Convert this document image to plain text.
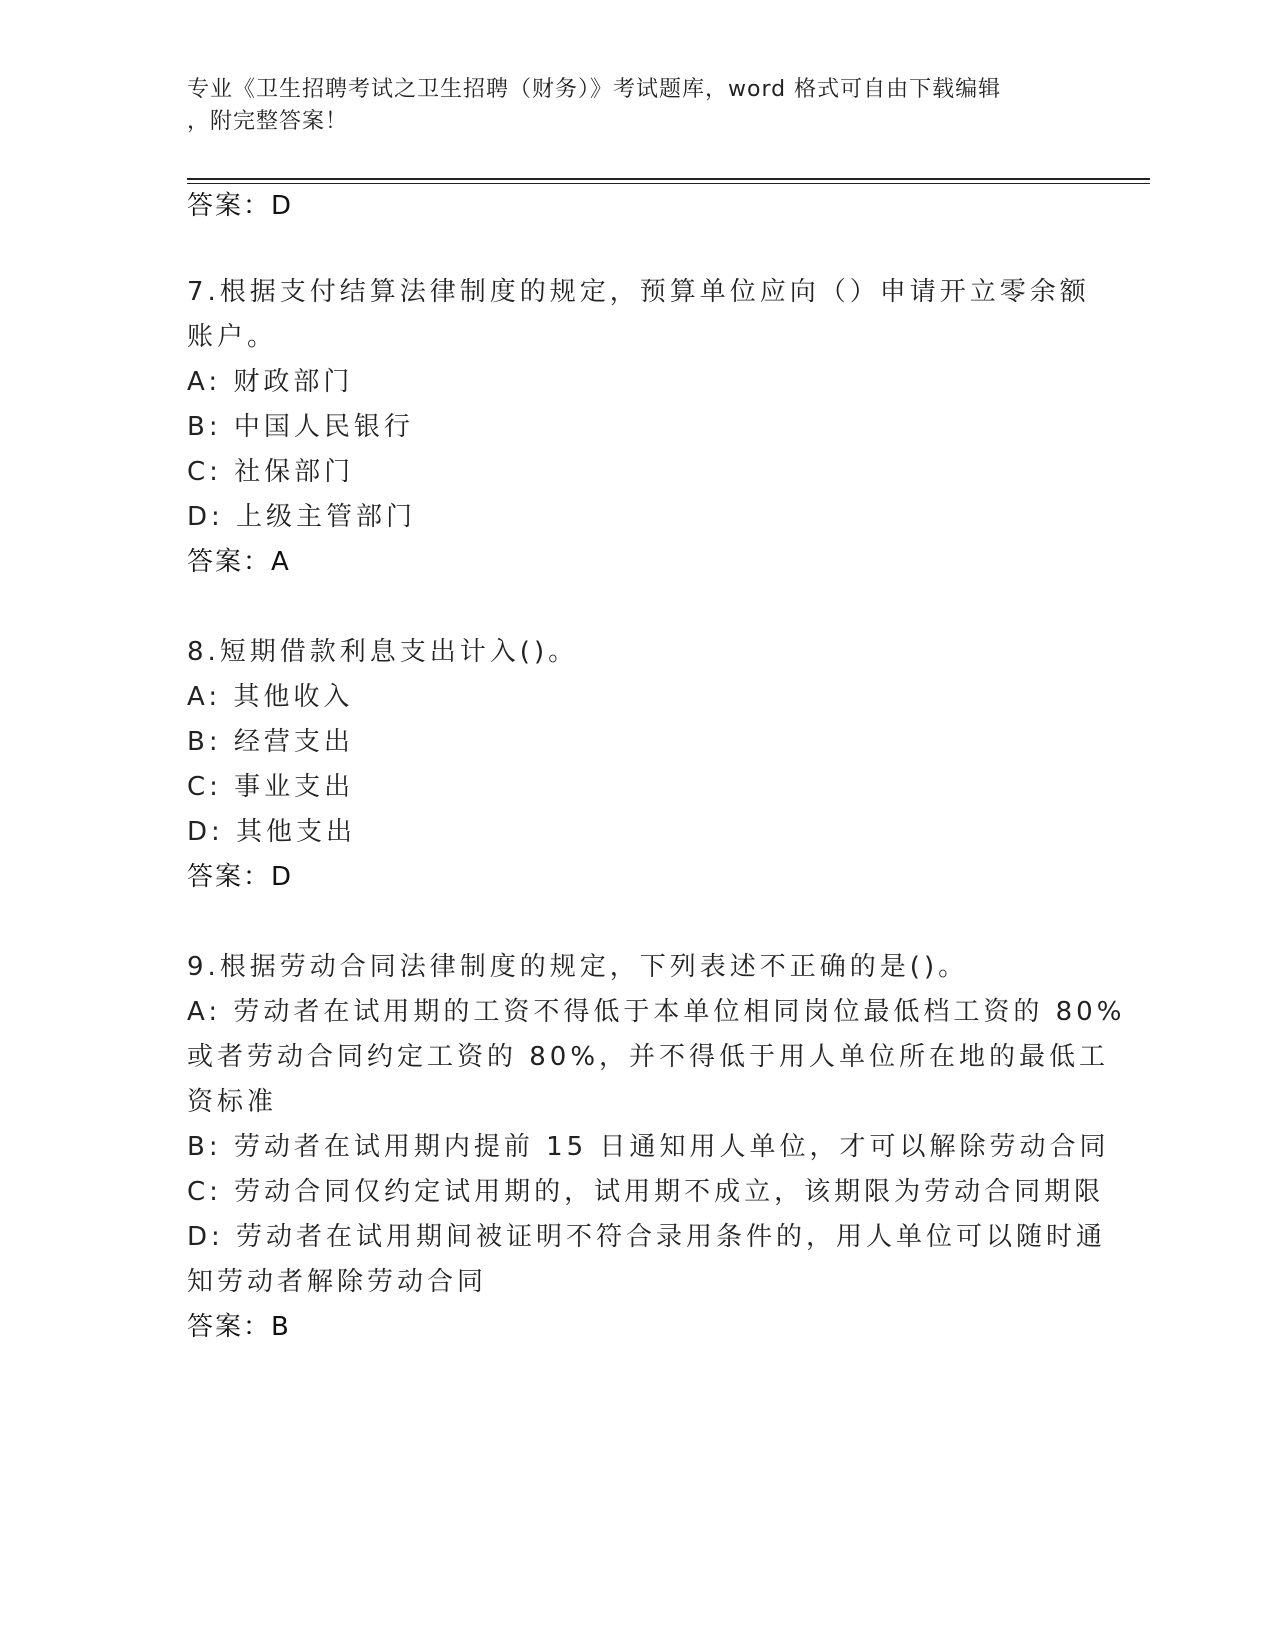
专业《卫生招聘考试之卫生招聘（财务）》考试题库，word 格式可自由下载编辑
，附完整答案！
答案：D
7.根据支付结算法律制度的规定，预算单位应向（）申请开立零余额
账户。
A: 财政部门
B: 中国人民银行
C: 社保部门
D: 上级主管部门
答案：A
8.短期借款利息支出计入()。
A: 其他收入
B: 经营支出
C: 事业支出
D: 其他支出
答案：D
9.根据劳动合同法律制度的规定，下列表述不正确的是()。
A: 劳动者在试用期的工资不得低于本单位相同岗位最低档工资的 80%
或者劳动合同约定工资的 80%，并不得低于用人单位所在地的最低工
资标准
B: 劳动者在试用期内提前 15 日通知用人单位，才可以解除劳动合同
C: 劳动合同仅约定试用期的，试用期不成立，该期限为劳动合同期限
D: 劳动者在试用期间被证明不符合录用条件的，用人单位可以随时通
知劳动者解除劳动合同
答案：B
